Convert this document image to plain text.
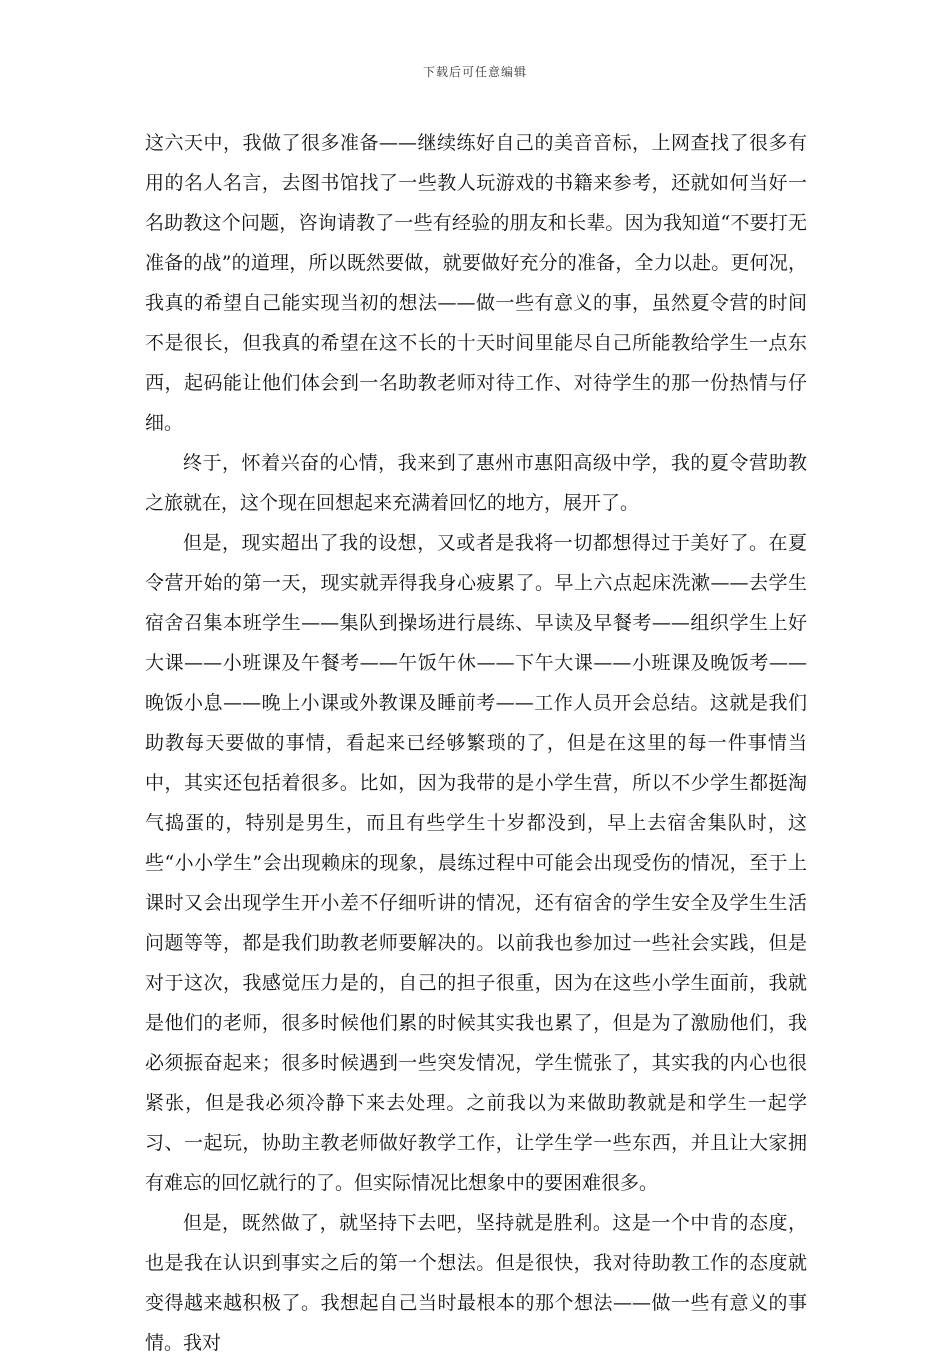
下载后可任意编辑

这六天中，我做了很多准备——继续练好自己的美音音标，上网查找了很多有用的名人名言，去图书馆找了一些教人玩游戏的书籍来参考，还就如何当好一名助教这个问题，咨询请教了一些有经验的朋友和长辈。因为我知道“不要打无准备的战”的道理，所以既然要做，就要做好充分的准备，全力以赴。更何况，我真的希望自己能实现当初的想法——做一些有意义的事，虽然夏令营的时间不是很长，但我真的希望在这不长的十天时间里能尽自己所能教给学生一点东西，起码能让他们体会到一名助教老师对待工作、对待学生的那一份热情与仔细。

终于，怀着兴奋的心情，我来到了惠州市惠阳高级中学，我的夏令营助教之旅就在，这个现在回想起来充满着回忆的地方，展开了。

但是，现实超出了我的设想，又或者是我将一切都想得过于美好了。在夏令营开始的第一天，现实就弄得我身心疲累了。早上六点起床洗漱——去学生宿舍召集本班学生——集队到操场进行晨练、早读及早餐考——组织学生上好大课——小班课及午餐考——午饭午休——下午大课——小班课及晚饭考——晚饭小息——晚上小课或外教课及睡前考——工作人员开会总结。这就是我们助教每天要做的事情，看起来已经够繁琐的了，但是在这里的每一件事情当中，其实还包括着很多。比如，因为我带的是小学生营，所以不少学生都挺淘气捣蛋的，特别是男生，而且有些学生十岁都没到，早上去宿舍集队时，这些“小小学生”会出现赖床的现象，晨练过程中可能会出现受伤的情况，至于上课时又会出现学生开小差不仔细听讲的情况，还有宿舍的学生安全及学生生活问题等等，都是我们助教老师要解决的。以前我也参加过一些社会实践，但是对于这次，我感觉压力是的，自己的担子很重，因为在这些小学生面前，我就是他们的老师，很多时候他们累的时候其实我也累了，但是为了激励他们，我必须振奋起来；很多时候遇到一些突发情况，学生慌张了，其实我的内心也很紧张，但是我必须冷静下来去处理。之前我以为来做助教就是和学生一起学习、一起玩，协助主教老师做好教学工作，让学生学一些东西，并且让大家拥有难忘的回忆就行的了。但实际情况比想象中的要困难很多。

但是，既然做了，就坚持下去吧，坚持就是胜利。这是一个中肯的态度，也是我在认识到事实之后的第一个想法。但是很快，我对待助教工作的态度就变得越来越积极了。我想起自己当时最根本的那个想法——做一些有意义的事情。我对
